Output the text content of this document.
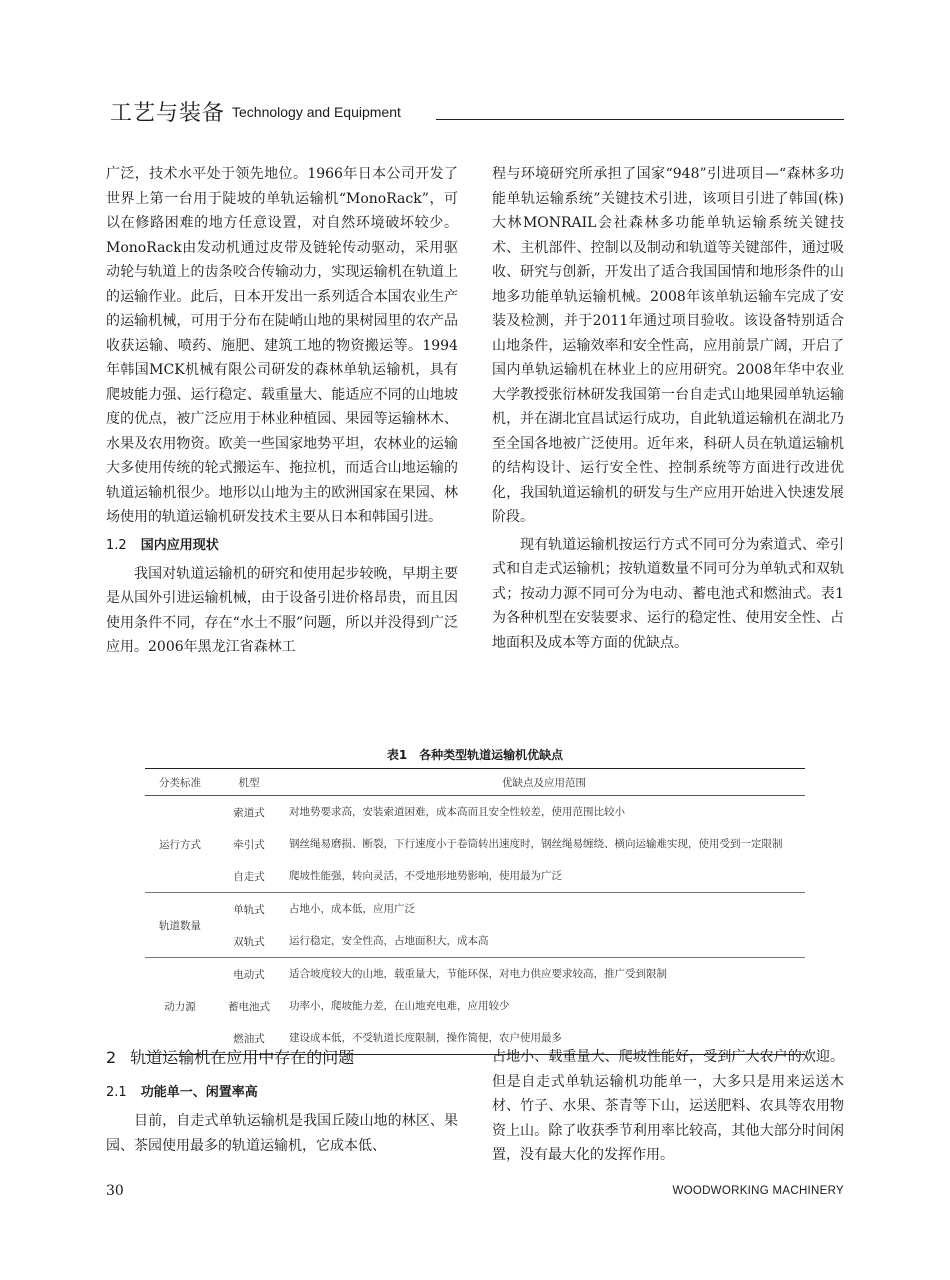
工艺与装备 Technology and Equipment

广泛，技术水平处于领先地位。1966年日本公司开发了世界上第一台用于陡坡的单轨运输机“MonoRack”，可以在修路困难的地方任意设置，对自然环境破坏较少。MonoRack由发动机通过皮带及链轮传动驱动，采用驱动轮与轨道上的齿条咬合传输动力，实现运输机在轨道上的运输作业。此后，日本开发出一系列适合本国农业生产的运输机械，可用于分布在陡峭山地的果树园里的农产品收获运输、喷药、施肥、建筑工地的物资搬运等。1994年韩国MCK机械有限公司研发的森林单轨运输机，具有爬坡能力强、运行稳定、载重量大、能适应不同的山地坡度的优点，被广泛应用于林业种植园、果园等运输林木、水果及农用物资。欧美一些国家地势平坦，农林业的运输大多使用传统的轮式搬运车、拖拉机，而适合山地运输的轨道运输机很少。地形以山地为主的欧洲国家在果园、林场使用的轨道运输机研发技术主要从日本和韩国引进。

1.2 国内应用现状

我国对轨道运输机的研究和使用起步较晚，早期主要是从国外引进运输机械，由于设备引进价格昂贵，而且因使用条件不同，存在“水土不服”问题，所以并没得到广泛应用。2006年黑龙江省森林工

程与环境研究所承担了国家“948”引进项目—“森林多功能单轨运输系统”关键技术引进，该项目引进了韩国(株)大林MONRAIL会社森林多功能单轨运输系统关键技术、主机部件、控制以及制动和轨道等关键部件，通过吸收、研究与创新，开发出了适合我国国情和地形条件的山地多功能单轨运输机械。2008年该单轨运输车完成了安装及检测，并于2011年通过项目验收。该设备特别适合山地条件，运输效率和安全性高，应用前景广阔，开启了国内单轨运输机在林业上的应用研究。2008年华中农业大学教授张衍林研发我国第一台自走式山地果园单轨运输机，并在湖北宜昌试运行成功，自此轨道运输机在湖北乃至全国各地被广泛使用。近年来，科研人员在轨道运输机的结构设计、运行安全性、控制系统等方面进行改进优化，我国轨道运输机的研发与生产应用开始进入快速发展阶段。

现有轨道运输机按运行方式不同可分为索道式、牵引式和自走式运输机；按轨道数量不同可分为单轨式和双轨式；按动力源不同可分为电动、蓄电池式和燃油式。表1为各种机型在安装要求、运行的稳定性、使用安全性、占地面积及成本等方面的优缺点。

表1　各种类型轨道运输机优缺点
分类标准	机型	优缺点及应用范围
运行方式	索道式	对地势要求高，安装索道困难，成本高而且安全性较差，使用范围比较小
	牵引式	钢丝绳易磨损、断裂，下行速度小于卷筒转出速度时，钢丝绳易缠绕、横向运输难实现，使用受到一定限制
	自走式	爬坡性能强，转向灵活，不受地形地势影响，使用最为广泛
轨道数量	单轨式	占地小，成本低，应用广泛
	双轨式	运行稳定，安全性高，占地面积大，成本高
动力源	电动式	适合坡度较大的山地，载重量大，节能环保，对电力供应要求较高，推广受到限制
	蓄电池式	功率小，爬坡能力差，在山地充电难，应用较少
	燃油式	建设成本低，不受轨道长度限制，操作简便，农户使用最多
2 轨道运输机在应用中存在的问题
2.1 功能单一、闲置率高

目前，自走式单轨运输机是我国丘陵山地的林区、果园、茶园使用最多的轨道运输机，它成本低、

占地小、载重量大、爬坡性能好，受到广大农户的欢迎。但是自走式单轨运输机功能单一，大多只是用来运送木材、竹子、水果、茶青等下山，运送肥料、农具等农用物资上山。除了收获季节利用率比较高，其他大部分时间闲置，没有最大化的发挥作用。

30	WOODWORKING MACHINERY
